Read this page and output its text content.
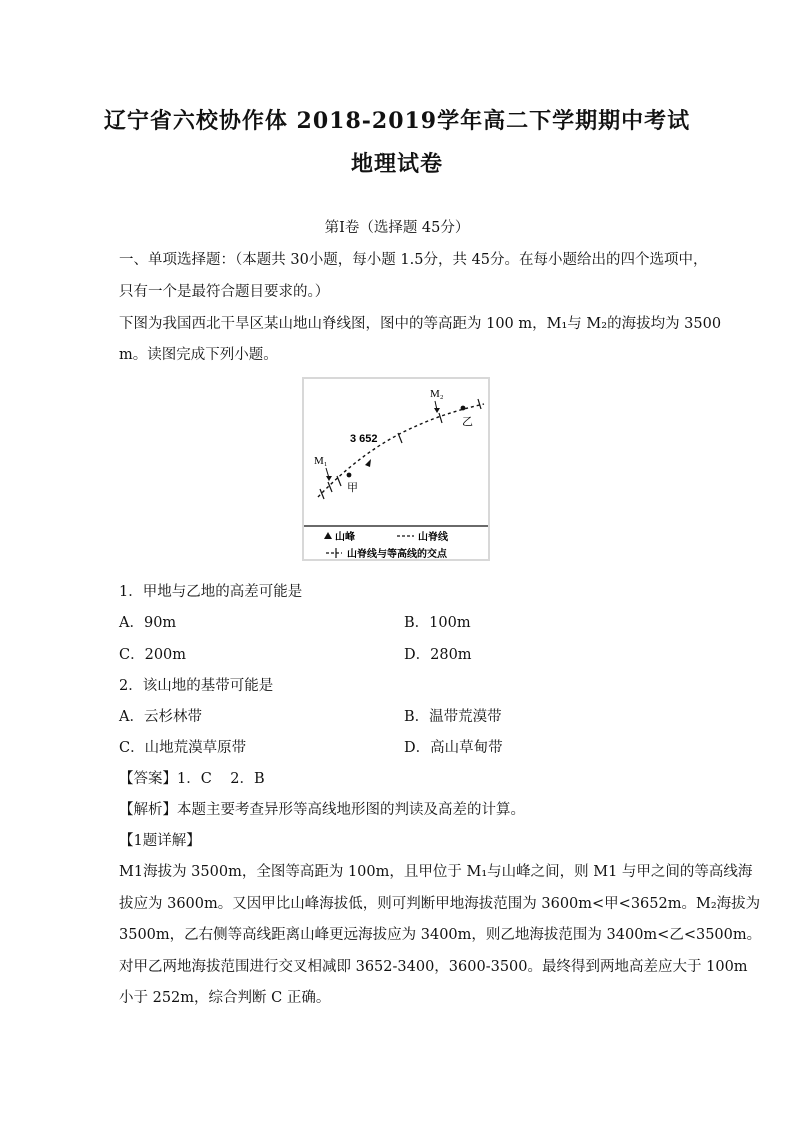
辽宁省六校协作体 2018-2019学年高二下学期期中考试
地理试卷
第Ⅰ卷（选择题 45分）
一、单项选择题：（本题共 30小题，每小题 1.5分，共 45分。在每小题给出的四个选项中，
只有一个是最符合题目要求的。）
下图为我国西北干旱区某山地山脊线图，图中的等高距为 100 m，M₁与 M₂的海拔均为 3500
m。读图完成下列小题。
M₁
M₂
3 652
甲
乙
山峰	山脊线
山脊线与等高线的交点
1．甲地与乙地的高差可能是
A．90m	B．100m
C．200m	D．280m
2．该山地的基带可能是
A．云杉林带	B．温带荒漠带
C．山地荒漠草原带	D．高山草甸带
【答案】1．C    2．B
【解析】本题主要考查异形等高线地形图的判读及高差的计算。
【1题详解】
M1海拔为 3500m，全图等高距为 100m，且甲位于 M₁与山峰之间，则 M1 与甲之间的等高线海
拔应为 3600m。又因甲比山峰海拔低，则可判断甲地海拔范围为 3600m<甲<3652m。M₂海拔为
3500m，乙右侧等高线距离山峰更远海拔应为 3400m，则乙地海拔范围为 3400m<乙<3500m。
对甲乙两地海拔范围进行交叉相减即 3652-3400，3600-3500。最终得到两地高差应大于 100m
小于 252m，综合判断 C 正确。
